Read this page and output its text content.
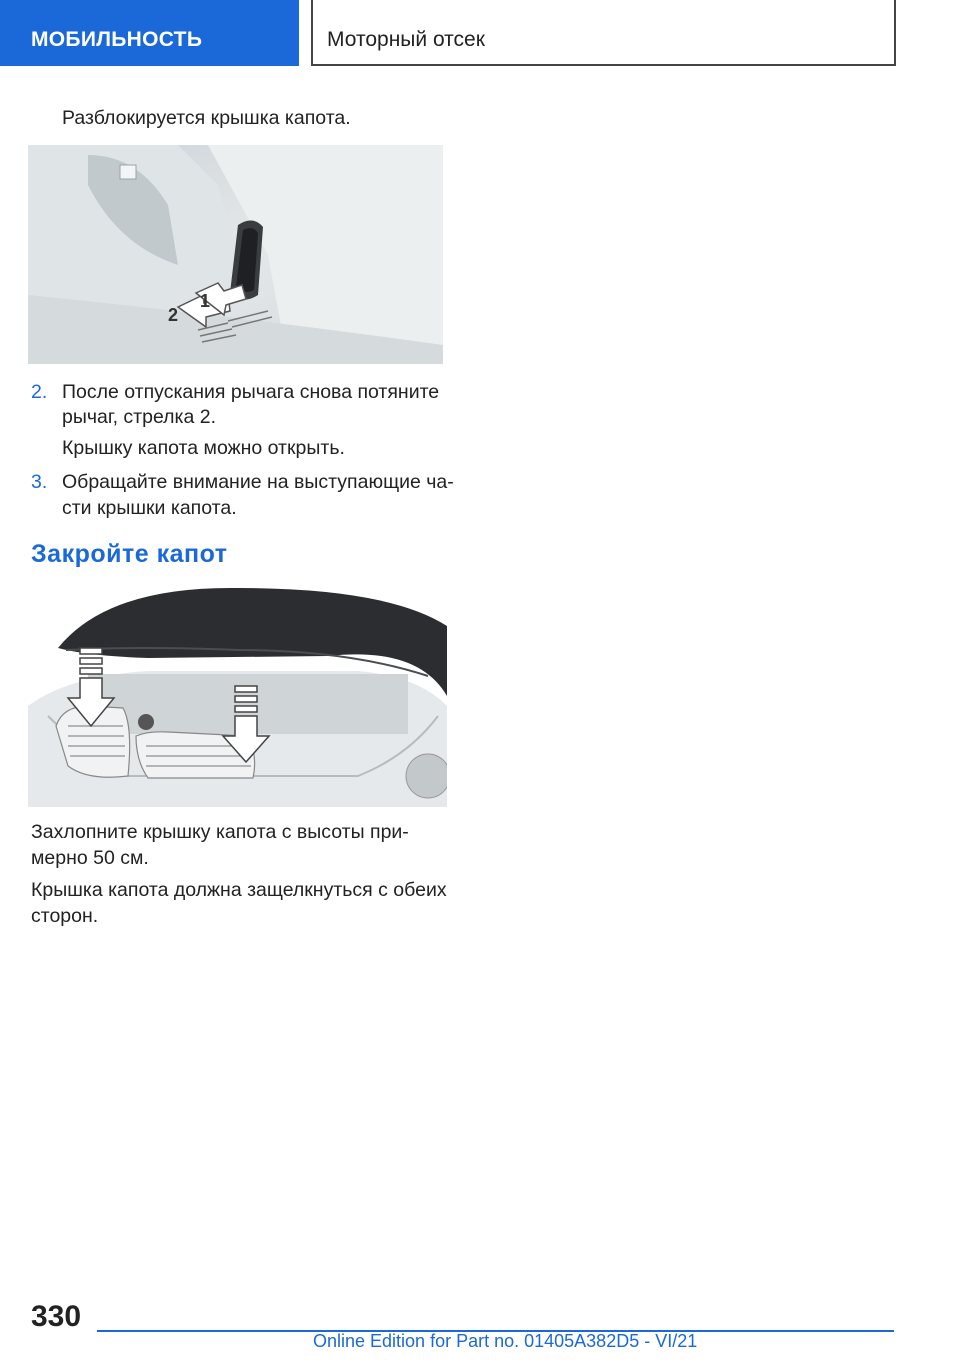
МОБИЛЬНОСТЬ	Моторный отсек
Разблокируется крышка капота.
2
1
2. После отпускания рычага снова потяните
рычаг, стрелка 2.
Крышку капота можно открыть.
3. Обращайте внимание на выступающие ча-
сти крышки капота.
Закройте капот
Захлопните крышку капота с высоты при-
мерно 50 см.
Крышка капота должна защелкнуться с обеих
сторон.
330
Online Edition for Part no. 01405A382D5 - VI/21
